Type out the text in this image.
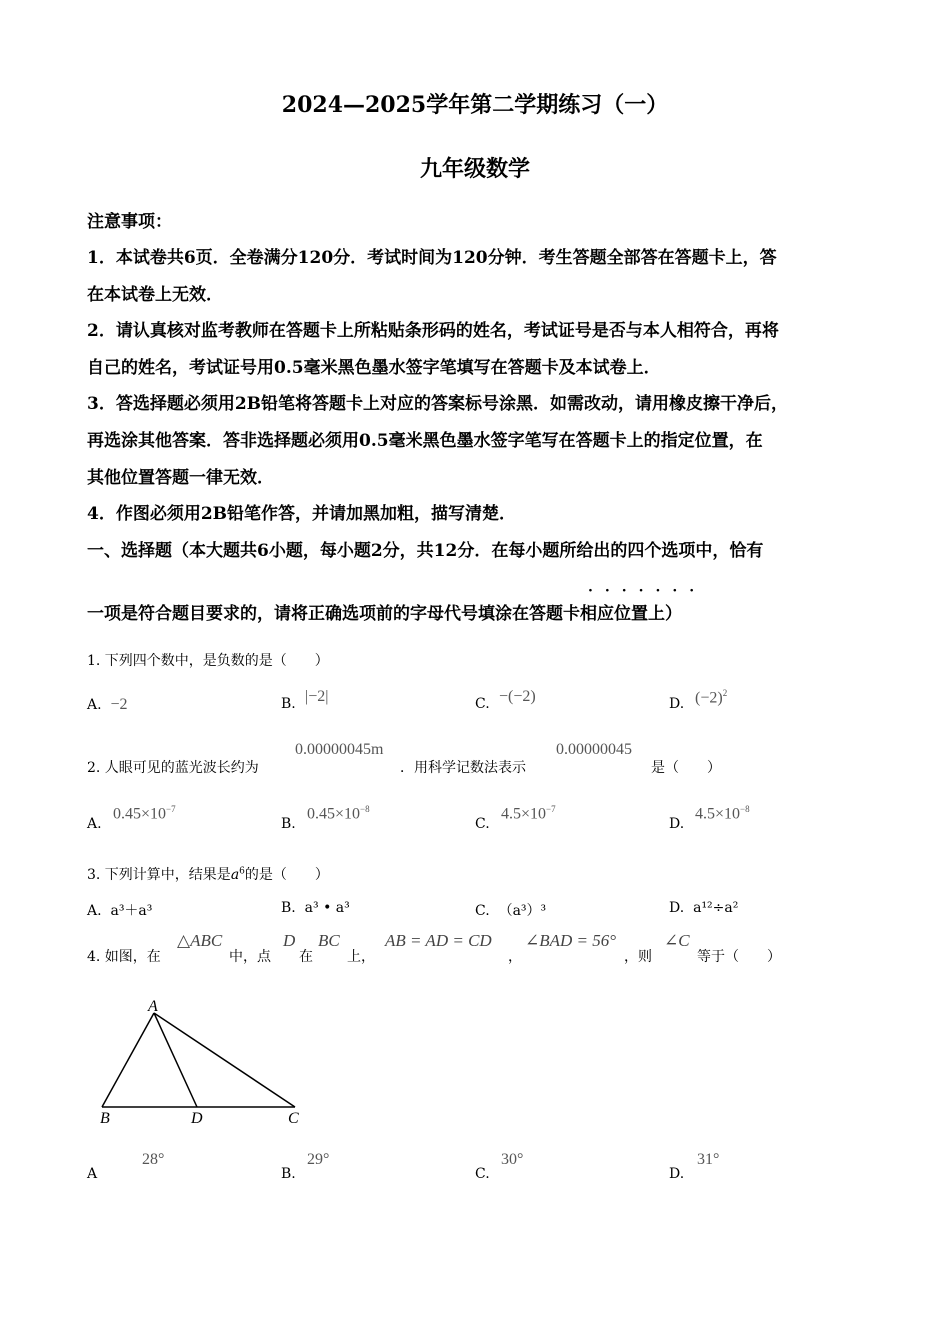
2024—2025学年第二学期练习（一）
九年级数学
注意事项：
1．本试卷共6页．全卷满分120分．考试时间为120分钟．考生答题全部答在答题卡上，答
在本试卷上无效．
2．请认真核对监考教师在答题卡上所粘贴条形码的姓名，考试证号是否与本人相符合，再将
自己的姓名，考试证号用0.5毫米黑色墨水签字笔填写在答题卡及本试卷上．
3．答选择题必须用2B铅笔将答题卡上对应的答案标号涂黑．如需改动，请用橡皮擦干净后，
再选涂其他答案．答非选择题必须用0.5毫米黑色墨水签字笔写在答题卡上的指定位置，在
其他位置答题一律无效．
4．作图必须用2B铅笔作答，并请加黑加粗，描写清楚．
一、选择题（本大题共6小题，每小题2分，共12分．在每小题所给出的四个选项中，恰有
·······
一项是符合题目要求的，请将正确选项前的字母代号填涂在答题卡相应位置上）
1. 下列四个数中，是负数的是（　　）
A. −2	B. |−2|	C. −(−2)	D. $(-2)^2$
2. 人眼可见的蓝光波长约为
0.00000045m
．用科学记数法表示
0.00000045
是（　　）
A.
$0.45\times 10^{-7}$
B.
$0.45\times 10^{-8}$
C.
$4.5\times 10^{-7}$
D.
$4.5\times 10^{-8}$
3. 下列计算中，结果是$a^6$的是（　　）
A. a³＋a³	B. a³ • a³	C. （a³）³	D. a¹²÷a²
4. 如图，在
△ABC
中，点
D
在
BC
上，
AB = AD = CD
，
∠BAD = 56°
，则
∠C
等于（　　）
A
B	D	C
A
28°
B.
29°
C.
30°
D.
31°
